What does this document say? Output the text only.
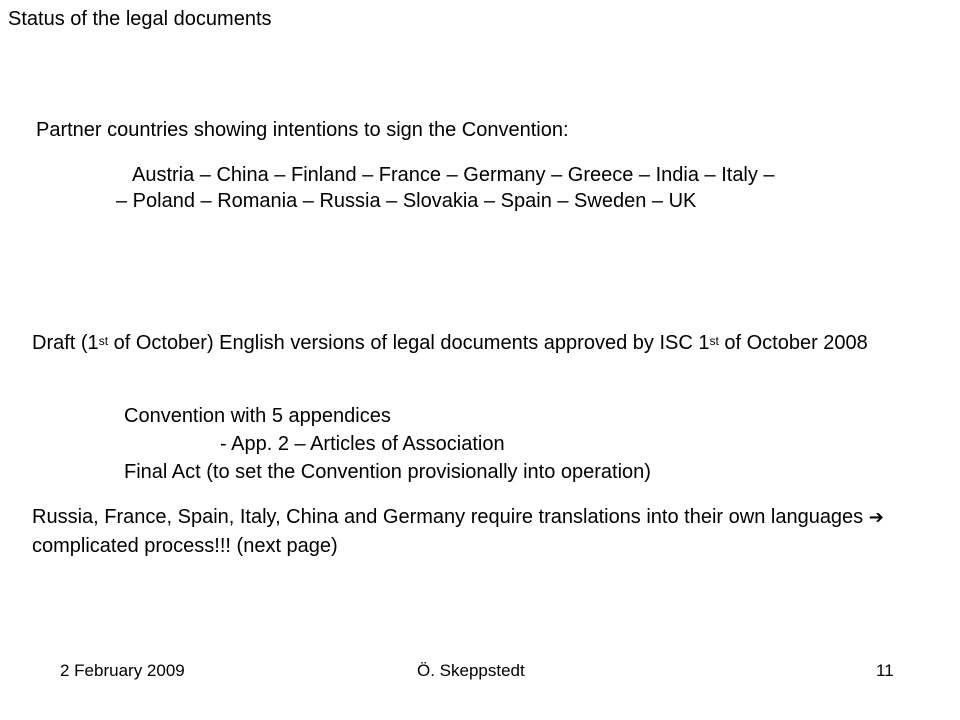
Status of the legal documents
Partner countries showing intentions to sign the Convention:
Austria – China – Finland – France – Germany – Greece – India – Italy –
– Poland – Romania – Russia – Slovakia – Spain – Sweden – UK
Draft (1st of October) English versions of legal documents approved by ISC 1st of October 2008
Convention with 5 appendices
- App. 2 – Articles of Association
Final Act (to set the Convention provisionally into operation)
Russia, France, Spain, Italy, China and Germany require translations into their own languages ➔ complicated process!!! (next page)
2 February 2009	Ö. Skeppstedt	11
